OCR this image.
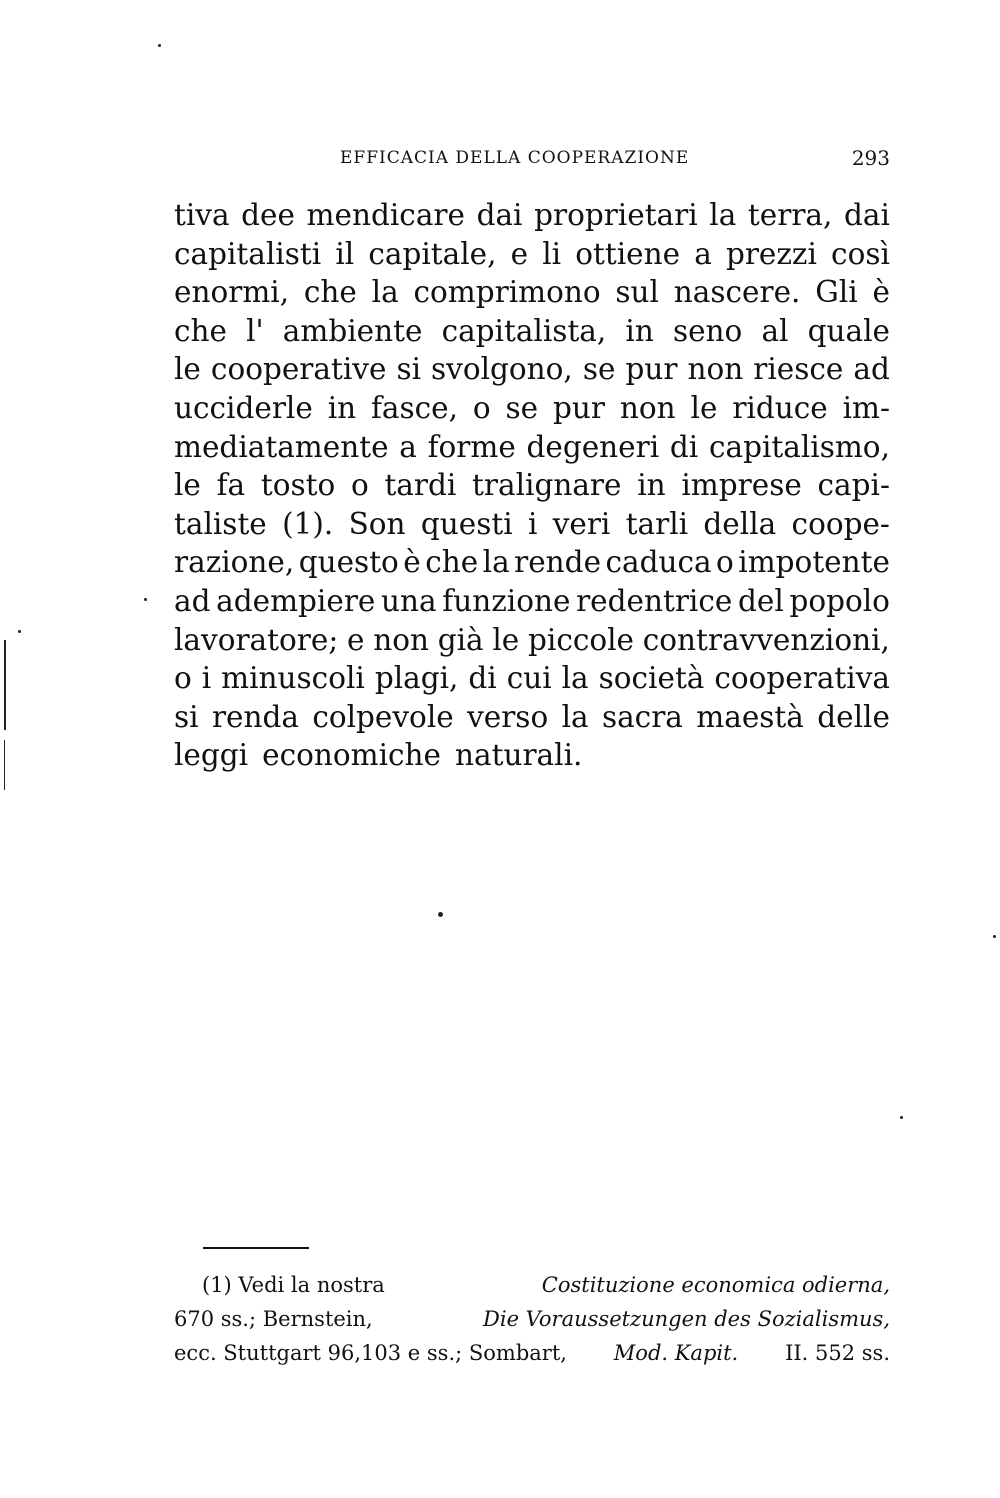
EFFICACIA DELLA COOPERAZIONE	293
tiva dee mendicare dai proprietari la terra, dai
capitalisti il capitale, e li ottiene a prezzi così
enormi, che la comprimono sul nascere. Gli è
che l' ambiente capitalista, in seno al quale
le cooperative si svolgono, se pur non riesce ad
ucciderle in fasce, o se pur non le riduce im-
mediatamente a forme degeneri di capitalismo,
le fa tosto o tardi tralignare in imprese capi-
taliste (1). Son questi i veri tarli della coope-
razione, questo è che la rende caduca o impotente
ad adempiere una funzione redentrice del popolo
lavoratore; e non già le piccole contravvenzioni,
o i minuscoli plagi, di cui la società cooperativa
si renda colpevole verso la sacra maestà delle
leggi economiche naturali.
(1) Vedi la nostra	Costituzione economica odierna,
670 ss.; Bernstein,	Die Voraussetzungen des Sozialismus,
ecc. Stuttgart 96,103 e ss.; Sombart, Mod. Kapit. II. 552 ss.
